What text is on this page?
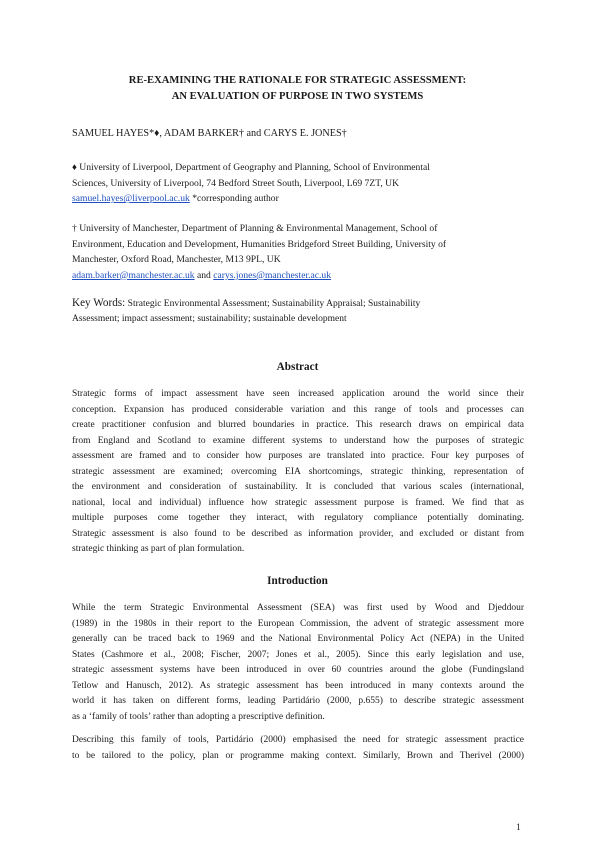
RE-EXAMINING THE RATIONALE FOR STRATEGIC ASSESSMENT:
AN EVALUATION OF PURPOSE IN TWO SYSTEMS
SAMUEL HAYES*♦, ADAM BARKER† and CARYS E. JONES†
♦ University of Liverpool, Department of Geography and Planning, School of Environmental
Sciences, University of Liverpool, 74 Bedford Street South, Liverpool, L69 7ZT, UK
samuel.hayes@liverpool.ac.uk *corresponding author
† University of Manchester, Department of Planning & Environmental Management, School of
Environment, Education and Development, Humanities Bridgeford Street Building, University of
Manchester, Oxford Road, Manchester, M13 9PL, UK
adam.barker@manchester.ac.uk and carys.jones@manchester.ac.uk
Key Words: Strategic Environmental Assessment; Sustainability Appraisal; Sustainability
Assessment; impact assessment; sustainability; sustainable development
Abstract
Strategic forms of impact assessment have seen increased application around the world since their
conception. Expansion has produced considerable variation and this range of tools and processes can
create practitioner confusion and blurred boundaries in practice. This research draws on empirical data
from England and Scotland to examine different systems to understand how the purposes of strategic
assessment are framed and to consider how purposes are translated into practice. Four key purposes of
strategic assessment are examined; overcoming EIA shortcomings, strategic thinking, representation of
the environment and consideration of sustainability. It is concluded that various scales (international,
national, local and individual) influence how strategic assessment purpose is framed. We find that as
multiple purposes come together they interact, with regulatory compliance potentially dominating.
Strategic assessment is also found to be described as information provider, and excluded or distant from
strategic thinking as part of plan formulation.
Introduction
While the term Strategic Environmental Assessment (SEA) was first used by Wood and Djeddour
(1989) in the 1980s in their report to the European Commission, the advent of strategic assessment more
generally can be traced back to 1969 and the National Environmental Policy Act (NEPA) in the United
States (Cashmore et al., 2008; Fischer, 2007; Jones et al., 2005). Since this early legislation and use,
strategic assessment systems have been introduced in over 60 countries around the globe (Fundingsland
Tetlow and Hanusch, 2012). As strategic assessment has been introduced in many contexts around the
world it has taken on different forms, leading Partidário (2000, p.655) to describe strategic assessment
as a ‘family of tools’ rather than adopting a prescriptive definition.
Describing this family of tools, Partidário (2000) emphasised the need for strategic assessment practice
to be tailored to the policy, plan or programme making context. Similarly, Brown and Therivel (2000)
1
